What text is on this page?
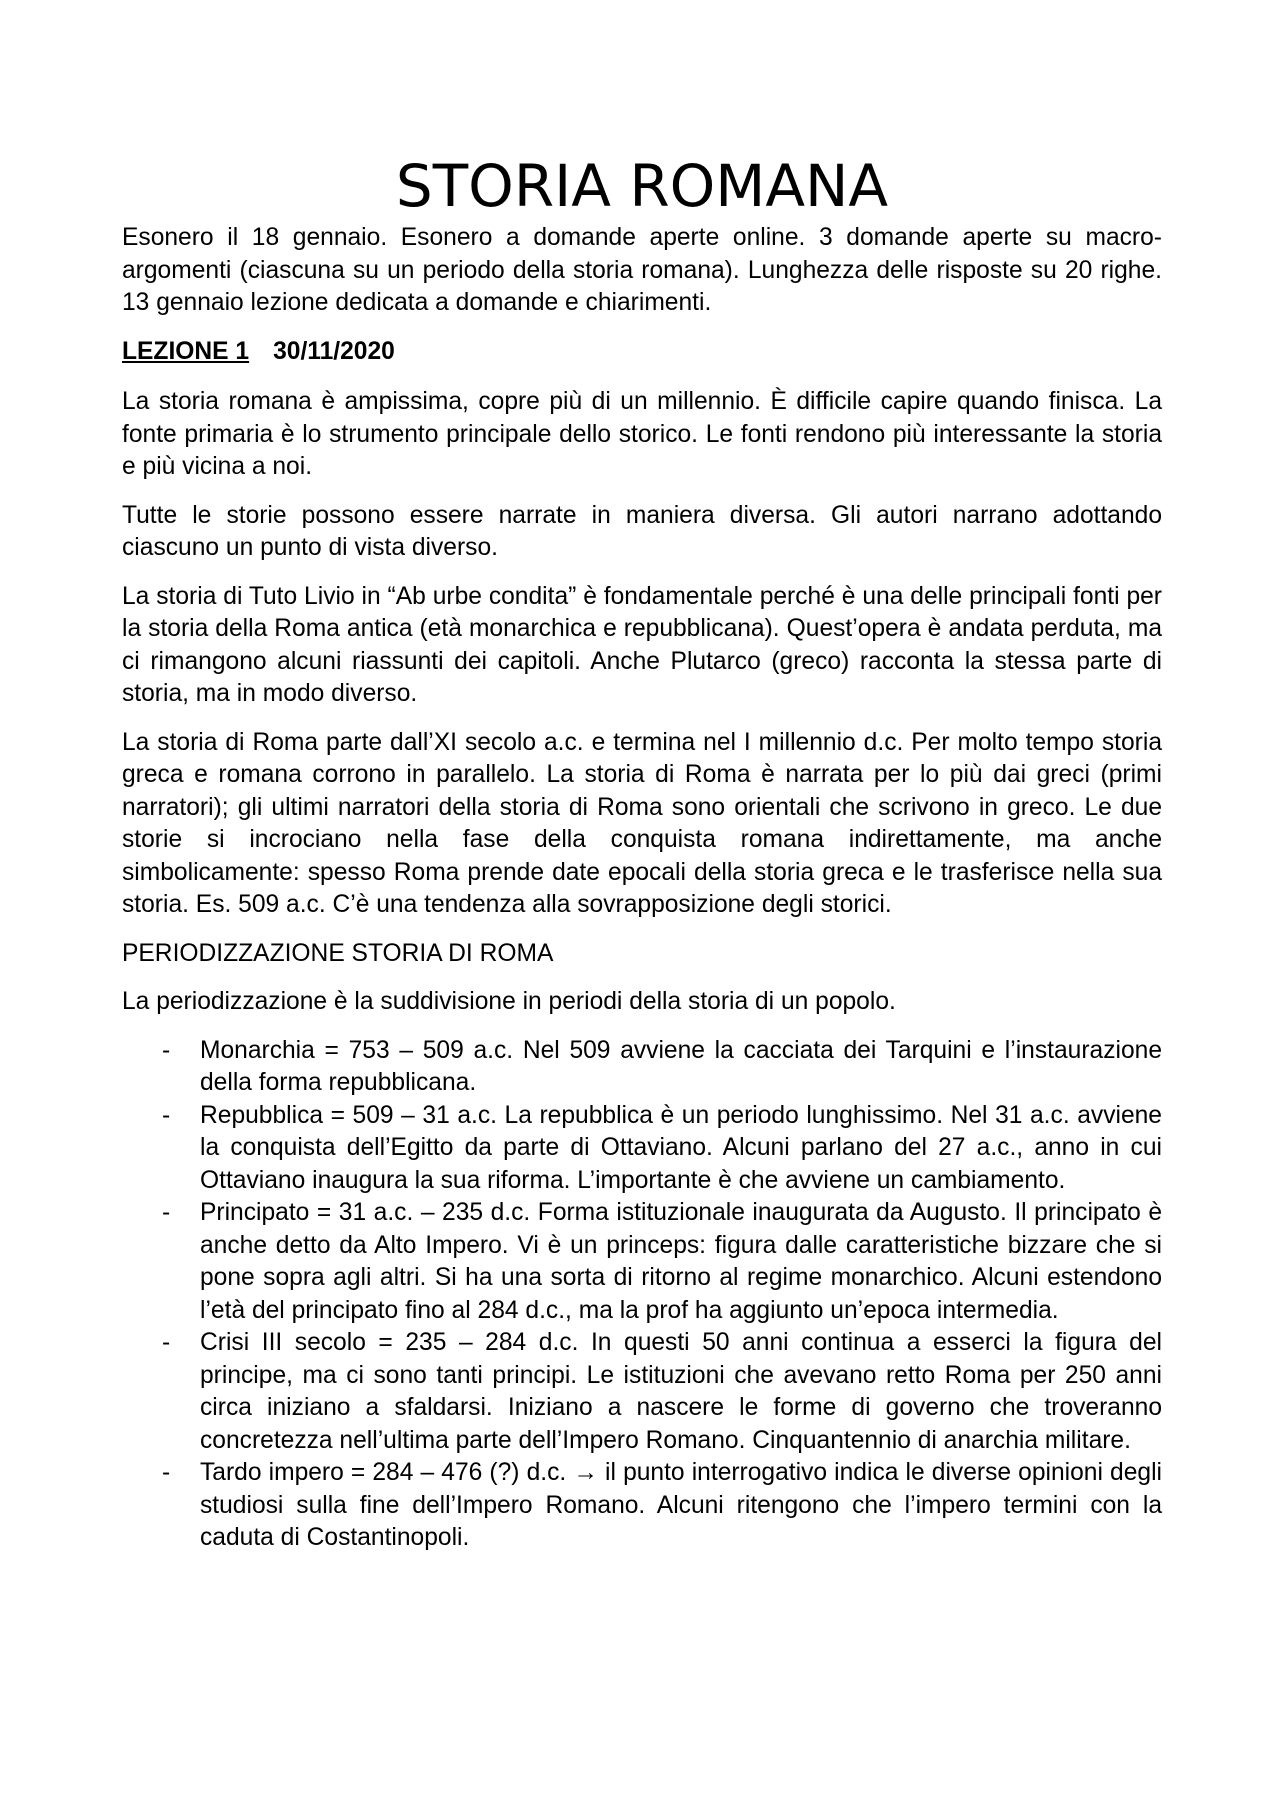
STORIA ROMANA

Esonero il 18 gennaio. Esonero a domande aperte online. 3 domande aperte su macro-argomenti (ciascuna su un periodo della storia romana). Lunghezza delle risposte su 20 righe. 13 gennaio lezione dedicata a domande e chiarimenti.

LEZIONE 1 30/11/2020

La storia romana è ampissima, copre più di un millennio. È difficile capire quando finisca. La fonte primaria è lo strumento principale dello storico. Le fonti rendono più interessante la storia e più vicina a noi.

Tutte le storie possono essere narrate in maniera diversa. Gli autori narrano adottando ciascuno un punto di vista diverso.

La storia di Tuto Livio in “Ab urbe condita” è fondamentale perché è una delle principali fonti per la storia della Roma antica (età monarchica e repubblicana). Quest’opera è andata perduta, ma ci rimangono alcuni riassunti dei capitoli. Anche Plutarco (greco) racconta la stessa parte di storia, ma in modo diverso.

La storia di Roma parte dall’XI secolo a.c. e termina nel I millennio d.c. Per molto tempo storia greca e romana corrono in parallelo. La storia di Roma è narrata per lo più dai greci (primi narratori); gli ultimi narratori della storia di Roma sono orientali che scrivono in greco. Le due storie si incrociano nella fase della conquista romana indirettamente, ma anche simbolicamente: spesso Roma prende date epocali della storia greca e le trasferisce nella sua storia. Es. 509 a.c. C’è una tendenza alla sovrapposizione degli storici.

PERIODIZZAZIONE STORIA DI ROMA

La periodizzazione è la suddivisione in periodi della storia di un popolo.

- Monarchia = 753 – 509 a.c. Nel 509 avviene la cacciata dei Tarquini e l’instaurazione della forma repubblicana.
- Repubblica = 509 – 31 a.c. La repubblica è un periodo lunghissimo. Nel 31 a.c. avviene la conquista dell’Egitto da parte di Ottaviano. Alcuni parlano del 27 a.c., anno in cui Ottaviano inaugura la sua riforma. L’importante è che avviene un cambiamento.
- Principato = 31 a.c. – 235 d.c. Forma istituzionale inaugurata da Augusto. Il principato è anche detto da Alto Impero. Vi è un princeps: figura dalle caratteristiche bizzare che si pone sopra agli altri. Si ha una sorta di ritorno al regime monarchico. Alcuni estendono l’età del principato fino al 284 d.c., ma la prof ha aggiunto un’epoca intermedia.
- Crisi III secolo = 235 – 284 d.c. In questi 50 anni continua a esserci la figura del principe, ma ci sono tanti principi. Le istituzioni che avevano retto Roma per 250 anni circa iniziano a sfaldarsi. Iniziano a nascere le forme di governo che troveranno concretezza nell’ultima parte dell’Impero Romano. Cinquantennio di anarchia militare.
- Tardo impero = 284 – 476 (?) d.c. → il punto interrogativo indica le diverse opinioni degli studiosi sulla fine dell’Impero Romano. Alcuni ritengono che l’impero termini con la caduta di Costantinopoli.
